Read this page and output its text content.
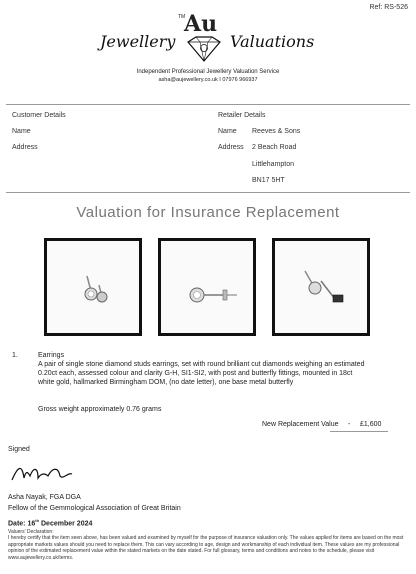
Ref: RS-526
Jewellery
TM
Au
Valuations
Independent Professional Jewellery Valuation Service
asha@aujewellery.co.uk I 07976 966937
Customer Details
Name
Address
Retailer Details
Name Reeves & Sons
Address 2 Beach Road
Littlehampton
BN17 5HT
Valuation for Insurance Replacement
1.	Earrings
A pair of single stone diamond studs earrings, set with round brilliant cut diamonds weighing an estimated 0.20ct each, assessed colour and clarity G-H, SI1-SI2, with post and butterfly fittings, mounted in 18ct white gold, hallmarked Birmingham DOM, (no date letter), one base metal butterfly
Gross weight approximately 0.76 grams
New Replacement Value - £1,600
Signed
Asha Nayak, FGA DGA
Fellow of the Gemmological Association of Great Britain
Date: 16th December 2024
Valuers' Declaration:
I hereby certify that the item seen above, has been valued and examined by myself for the purpose of insurance valuation only. The values applied for items are based on the most appropriate markets values should you need to replace them. This can vary according to age, design and workmanship of each individual item. These values are my professional opinion of the estimated replacement value within the stated markets on the date stated. For full glossary, terms and conditions and notes to the schedule, please visit www.aujewellery.co.uk/terms.
